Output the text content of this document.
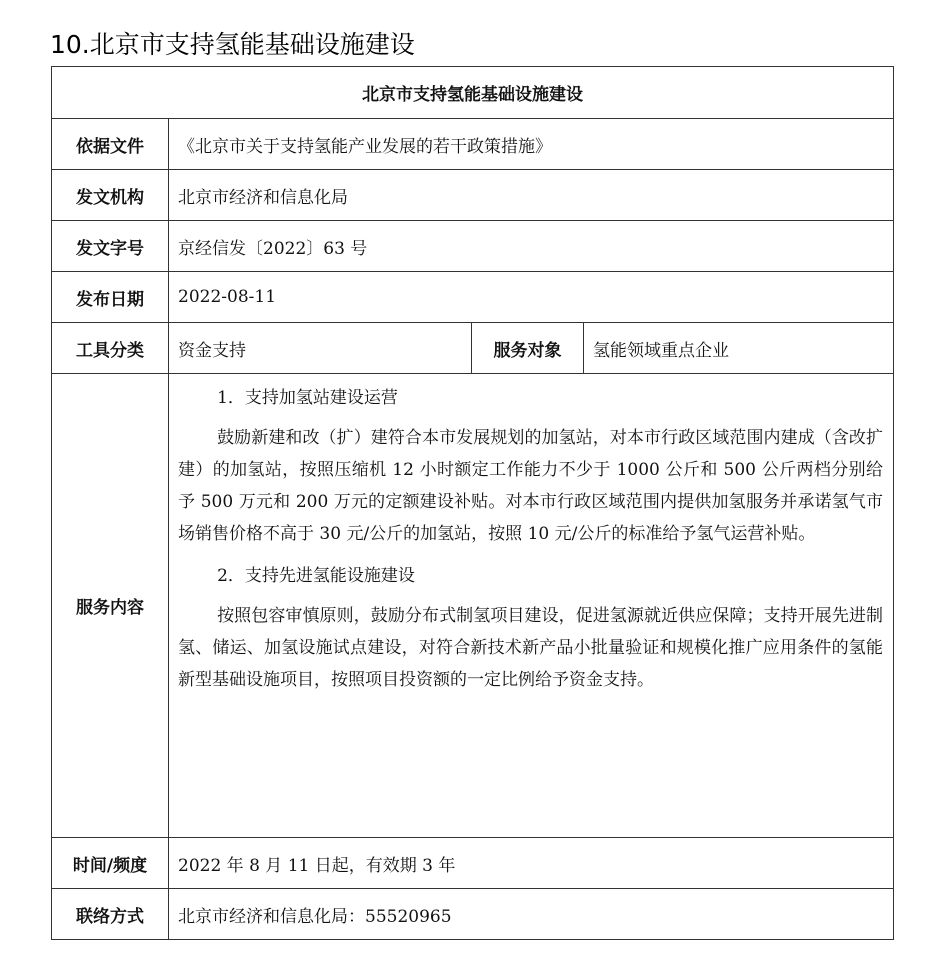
10.北京市支持氢能基础设施建设
北京市支持氢能基础设施建设			
依据文件	《北京市关于支持氢能产业发展的若干政策措施》		
发文机构	北京市经济和信息化局		
发文字号	京经信发〔2022〕63 号		
发布日期	2022-08-11		
工具分类	资金支持	服务对象	氢能领域重点企业
服务内容	1．支持加氢站建设运营

鼓励新建和改（扩）建符合本市发展规划的加氢站，对本市行政区域范围内建成（含改扩建）的加氢站，按照压缩机 12 小时额定工作能力不少于 1000 公斤和 500 公斤两档分别给予 500 万元和 200 万元的定额建设补贴。对本市行政区域范围内提供加氢服务并承诺氢气市场销售价格不高于 30 元/公斤的加氢站，按照 10 元/公斤的标准给予氢气运营补贴。

2．支持先进氢能设施建设

按照包容审慎原则，鼓励分布式制氢项目建设，促进氢源就近供应保障；支持开展先进制氢、储运、加氢设施试点建设，对符合新技术新产品小批量验证和规模化推广应用条件的氢能新型基础设施项目，按照项目投资额的一定比例给予资金支持。		

时间/频度	2022 年 8 月 11 日起，有效期 3 年		
联络方式	北京市经济和信息化局：55520965		
